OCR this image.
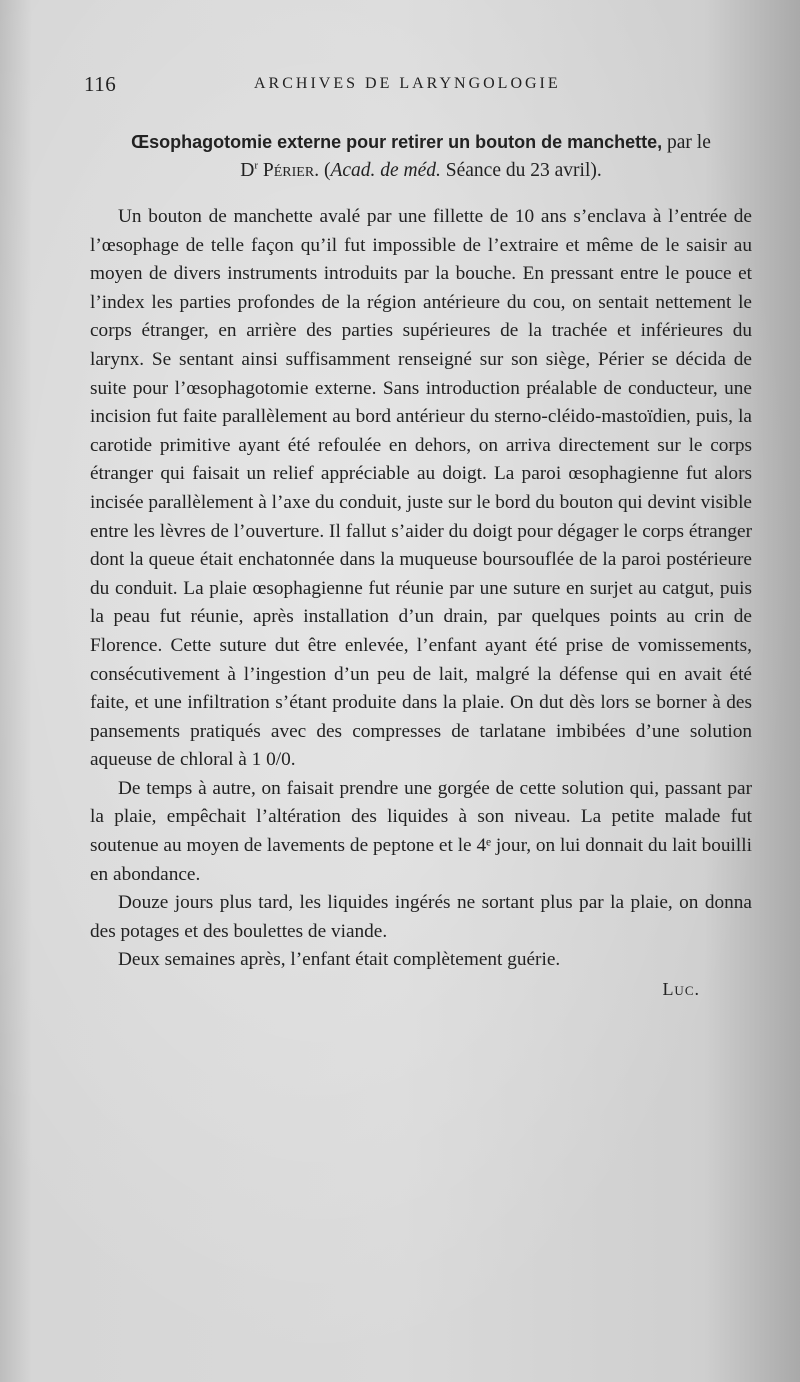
116	ARCHIVES DE LARYNGOLOGIE
Œsophagotomie externe pour retirer un bouton de manchette, par le
$D^r$ Périer. (Acad. de méd. Séance du 23 avril).

Un bouton de manchette avalé par une fillette de 10 ans s’enclava à l’entrée de l’œsophage de telle façon qu’il fut impossible de l’extraire et même de le saisir au moyen de divers instruments introduits par la bouche. En pressant entre le pouce et l’index les parties profondes de la région antérieure du cou, on sentait nettement le corps étranger, en arrière des parties supérieures de la trachée et inférieures du larynx. Se sentant ainsi suffisamment renseigné sur son siège, Périer se décida de suite pour l’œsophagotomie externe. Sans introduction préalable de conducteur, une incision fut faite parallèlement au bord antérieur du sterno-cléido-mastoïdien, puis, la carotide primitive ayant été refoulée en dehors, on arriva directement sur le corps étranger qui faisait un relief appréciable au doigt. La paroi œsophagienne fut alors incisée parallèlement à l’axe du conduit, juste sur le bord du bouton qui devint visible entre les lèvres de l’ouverture. Il fallut s’aider du doigt pour dégager le corps étranger dont la queue était enchatonnée dans la muqueuse boursouflée de la paroi postérieure du conduit. La plaie œsophagienne fut réunie par une suture en surjet au catgut, puis la peau fut réunie, après installation d’un drain, par quelques points au crin de Florence. Cette suture dut être enlevée, l’enfant ayant été prise de vomissements, consécutivement à l’ingestion d’un peu de lait, malgré la défense qui en avait été faite, et une infiltration s’étant produite dans la plaie. On dut dès lors se borner à des pansements pratiqués avec des compresses de tarlatane imbibées d’une solution aqueuse de chloral à 1 0/0.

De temps à autre, on faisait prendre une gorgée de cette solution qui, passant par la plaie, empêchait l’altération des liquides à son niveau. La petite malade fut soutenue au moyen de lavements de peptone et le 4ᵉ jour, on lui donnait du lait bouilli en abondance.

Douze jours plus tard, les liquides ingérés ne sortant plus par la plaie, on donna des potages et des boulettes de viande.

Deux semaines après, l’enfant était complètement guérie.

Luc.
